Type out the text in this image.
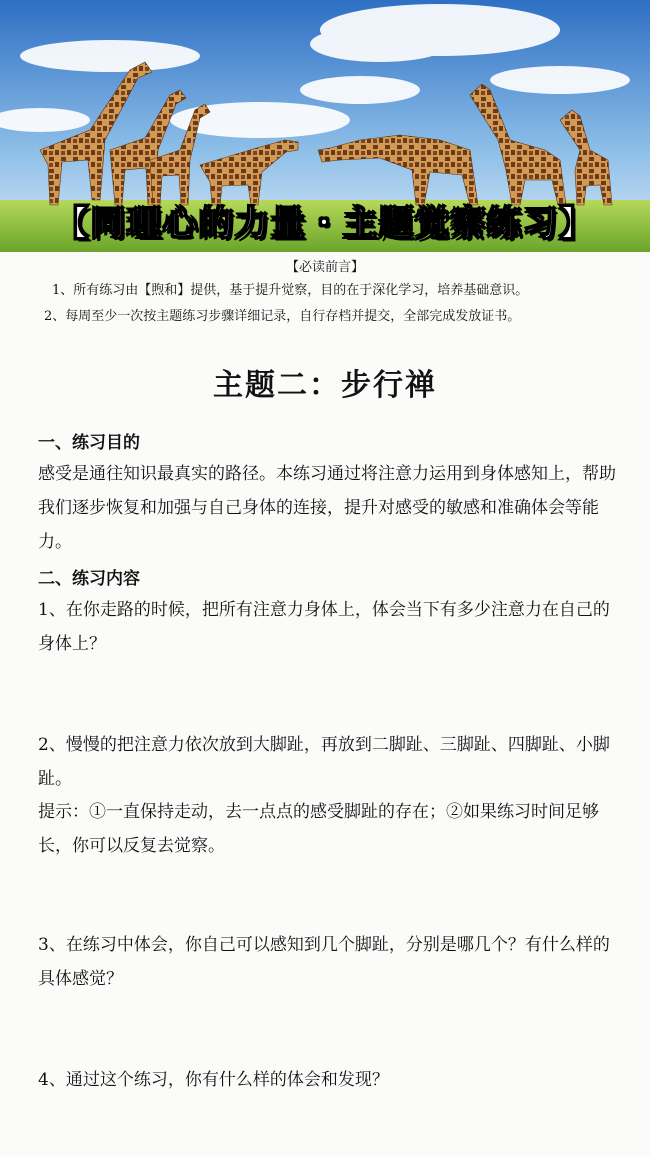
【同理心的力量・主题觉察练习】
【必读前言】
1、所有练习由【煦和】提供，基于提升觉察，目的在于深化学习，培养基础意识。
2、每周至少一次按主题练习步骤详细记录，自行存档并提交，全部完成发放证书。
主题二：步行禅
一、练习目的
感受是通往知识最真实的路径。本练习通过将注意力运用到身体感知上，帮助我们逐步恢复和加强与自己身体的连接，提升对感受的敏感和准确体会等能力。
二、练习内容
1、在你走路的时候，把所有注意力身体上，体会当下有多少注意力在自己的身体上？
2、慢慢的把注意力依次放到大脚趾，再放到二脚趾、三脚趾、四脚趾、小脚趾。
提示：①一直保持走动，去一点点的感受脚趾的存在；②如果练习时间足够长，你可以反复去觉察。
3、在练习中体会，你自己可以感知到几个脚趾，分别是哪几个？有什么样的具体感觉？
4、通过这个练习，你有什么样的体会和发现？
